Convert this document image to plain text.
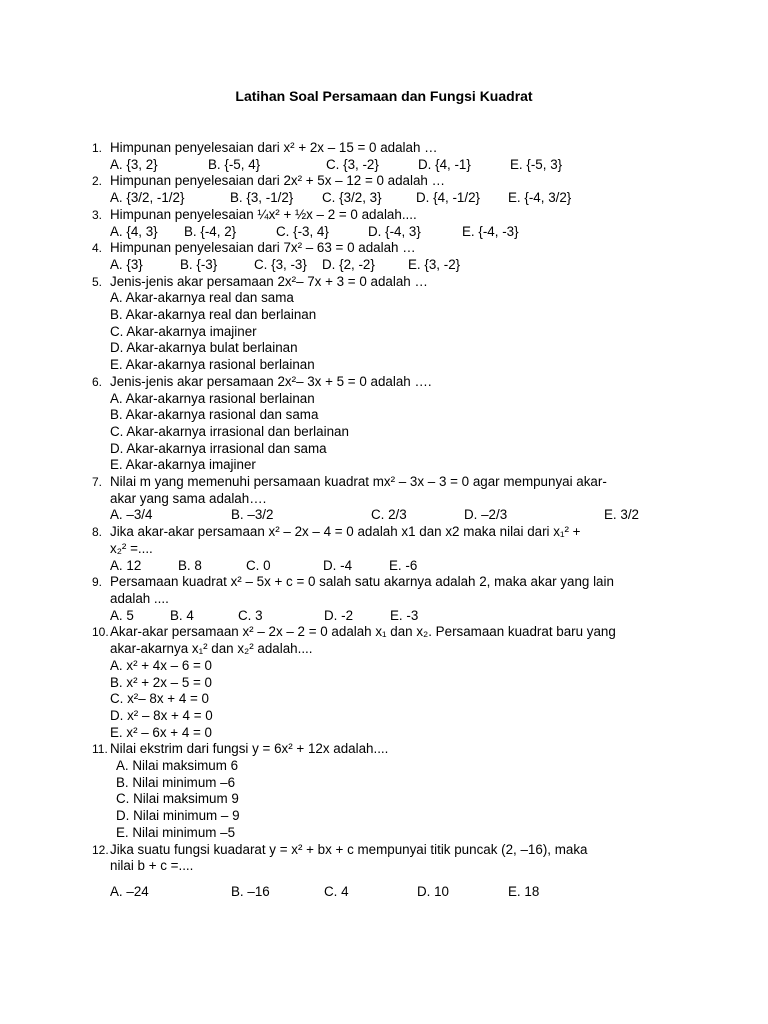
Latihan Soal Persamaan dan Fungsi Kuadrat
1. Himpunan penyelesaian dari x² + 2x – 15 = 0 adalah …
A. {3, 2}	B. {-5, 4}	C. {3, -2}	D. {4, -1}	E. {-5, 3}
2. Himpunan penyelesaian dari 2x² + 5x – 12 = 0 adalah …
A. {3/2, -1/2}	B. {3, -1/2}	C. {3/2, 3}	D. {4, -1/2}	E. {-4, 3/2}
3. Himpunan penyelesaian ¼x² + ½x – 2 = 0 adalah....
A. {4, 3}	B. {-4, 2}	C. {-3, 4}	D. {-4, 3}	E. {-4, -3}
4. Himpunan penyelesaian dari 7x² – 63 = 0 adalah …
A. {3}	B. {-3}	C. {3, -3}	D. {2, -2}	E. {3, -2}
5. Jenis-jenis akar persamaan 2x²– 7x + 3 = 0 adalah …
A. Akar-akarnya real dan sama
B. Akar-akarnya real dan berlainan
C. Akar-akarnya imajiner
D. Akar-akarnya bulat berlainan
E. Akar-akarnya rasional berlainan
6. Jenis-jenis akar persamaan 2x²– 3x + 5 = 0 adalah ….
A. Akar-akarnya rasional berlainan
B. Akar-akarnya rasional dan sama
C. Akar-akarnya irrasional dan berlainan
D. Akar-akarnya irrasional dan sama
E. Akar-akarnya imajiner
7. Nilai m yang memenuhi persamaan kuadrat mx² – 3x – 3 = 0 agar mempunyai akar-
akar yang sama adalah….
A. –3/4	B. –3/2	C. 2/3	D. –2/3	E. 3/2
8. Jika akar-akar persamaan x² – 2x – 4 = 0 adalah x1 dan x2 maka nilai dari x₁² +
x₂² =....
A. 12	B. 8	C. 0	D. -4	E. -6
9. Persamaan kuadrat x² – 5x + c = 0 salah satu akarnya adalah 2, maka akar yang lain
adalah ....
A. 5	B. 4	C. 3	D. -2	E. -3
10. Akar-akar persamaan x² – 2x – 2 = 0 adalah x₁ dan x₂. Persamaan kuadrat baru yang
akar-akarnya x₁² dan x₂² adalah....
A. x² + 4x – 6 = 0
B. x² + 2x – 5 = 0
C. x²– 8x + 4 = 0
D. x² – 8x + 4 = 0
E. x² – 6x + 4 = 0
11. Nilai ekstrim dari fungsi y = 6x² + 12x adalah....
A. Nilai maksimum 6
B. Nilai minimum –6
C. Nilai maksimum 9
D. Nilai minimum – 9
E. Nilai minimum –5
12. Jika suatu fungsi kuadarat y = x² + bx + c mempunyai titik puncak (2, –16), maka
nilai b + c =....
A. –24	B. –16	C. 4	D. 10	E. 18
